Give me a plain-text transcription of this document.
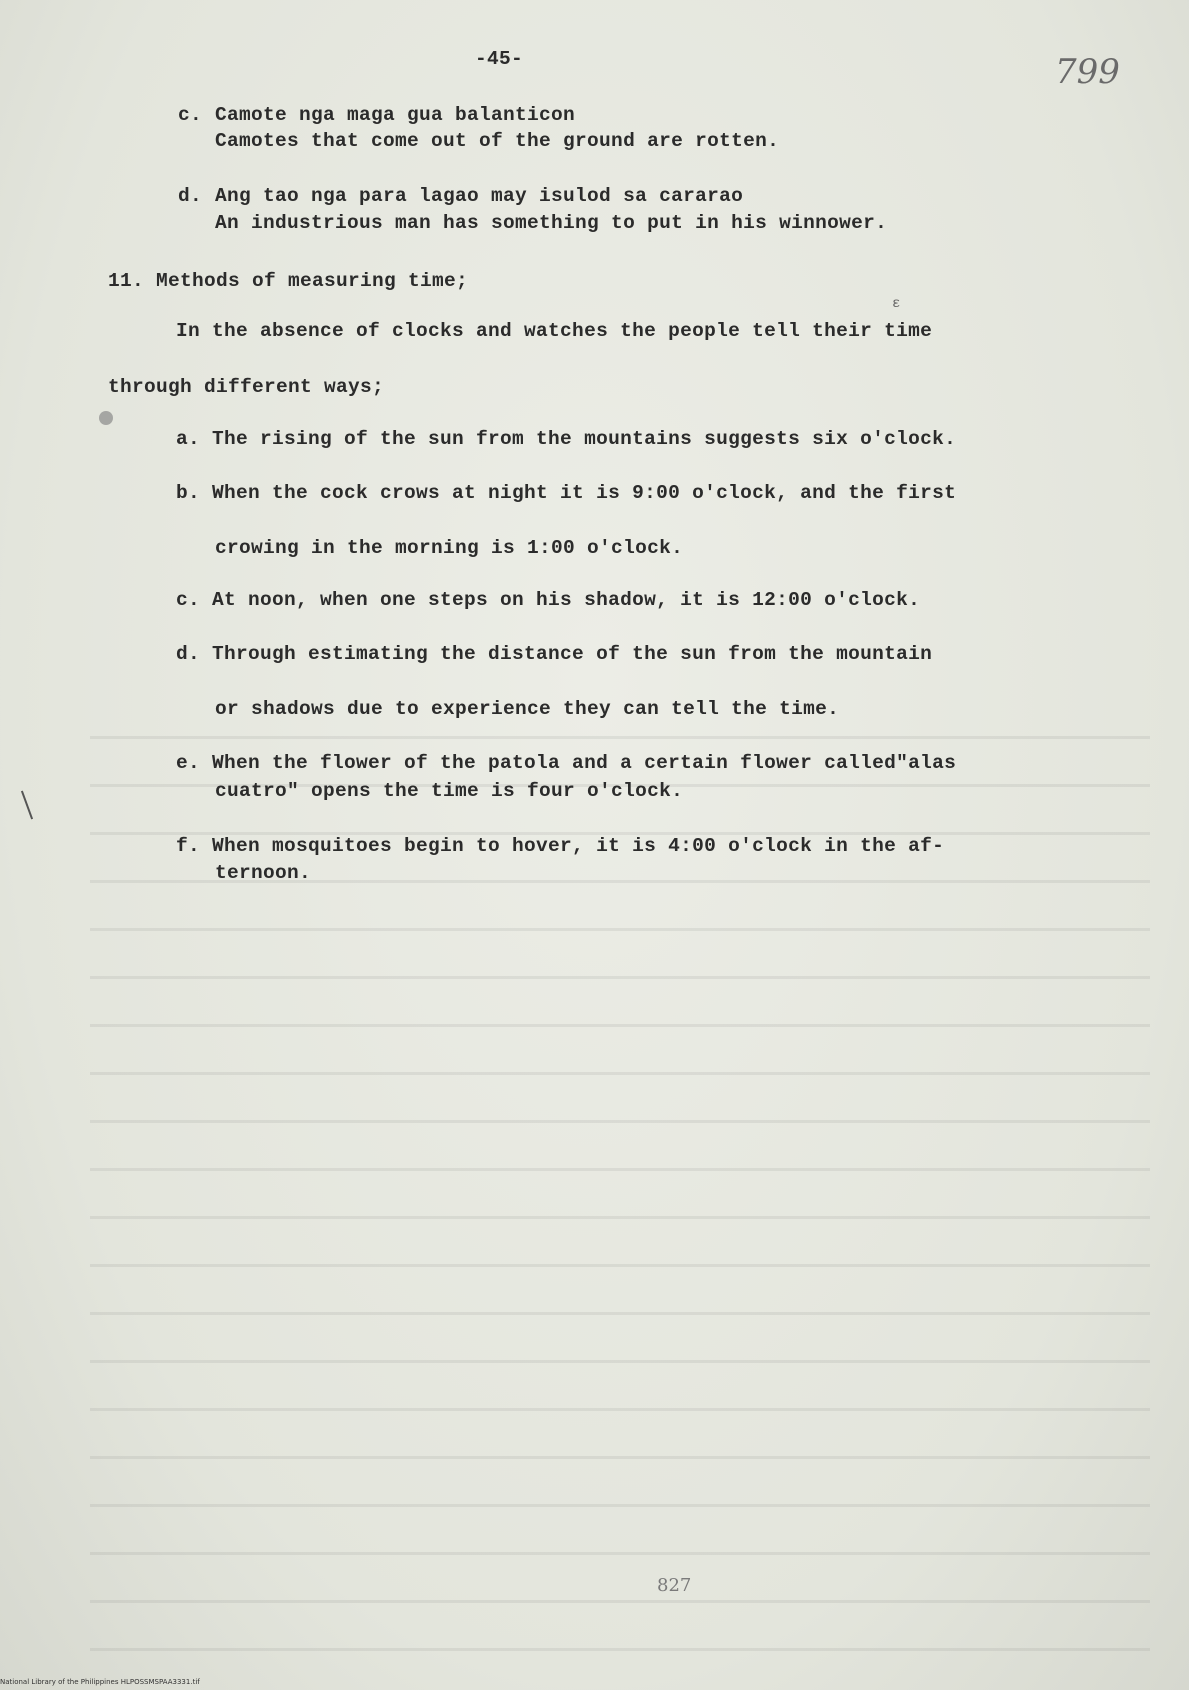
-45-	799
c. Camote nga maga gua balanticon
Camotes that come out of the ground are rotten.
d. Ang tao nga para lagao may isulod sa cararao
An industrious man has something to put in his winnower.
11. Methods of measuring time;
ε
In the absence of clocks and watches the people tell their time
through different ways;
a. The rising of the sun from the mountains suggests six o'clock.
b. When the cock crows at night it is 9:00 o'clock, and the first
crowing in the morning is 1:00 o'clock.
c. At noon, when one steps on his shadow, it is 12:00 o'clock.
d. Through estimating the distance of the sun from the mountain
or shadows due to experience they can tell the time.
e. When the flower of the patola and a certain flower called"alas
cuatro" opens the time is four o'clock.
f. When mosquitoes begin to hover, it is 4:00 o'clock in the af-
ternoon.
827
National Library of the Philippines HLPOSSMSPAA3331.tif
